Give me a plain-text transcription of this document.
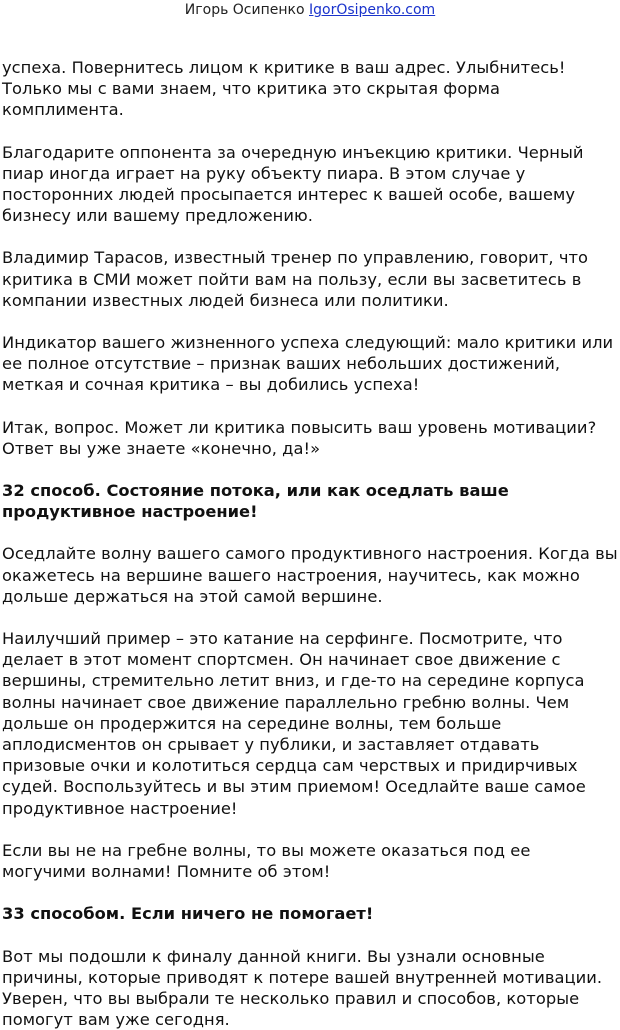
Игорь Осипенко IgorOsipenko.com

успеха. Повернитесь лицом к критике в ваш адрес. Улыбнитесь! Только мы с вами знаем, что критика это скрытая форма комплимента.

Благодарите оппонента за очередную инъекцию критики. Черный пиар иногда играет на руку объекту пиара. В этом случае у посторонних людей просыпается интерес к вашей особе, вашему бизнесу или вашему предложению.

Владимир Тарасов, известный тренер по управлению, говорит, что критика в СМИ может пойти вам на пользу, если вы засветитесь в компании известных людей бизнеса или политики.

Индикатор вашего жизненного успеха следующий: мало критики или ее полное отсутствие – признак ваших небольших достижений, меткая и сочная критика – вы добились успеха!

Итак, вопрос. Может ли критика повысить ваш уровень мотивации? Ответ вы уже знаете «конечно, да!»

32 способ. Состояние потока, или как оседлать ваше продуктивное настроение!

Оседлайте волну вашего самого продуктивного настроения. Когда вы окажетесь на вершине вашего настроения, научитесь, как можно дольше держаться на этой самой вершине.

Наилучший пример – это катание на серфинге. Посмотрите, что делает в этот момент спортсмен. Он начинает свое движение с вершины, стремительно летит вниз, и где-то на середине корпуса волны начинает свое движение параллельно гребню волны. Чем дольше он продержится на середине волны, тем больше аплодисментов он срывает у публики, и заставляет отдавать призовые очки и колотиться сердца сам черствых и придирчивых судей. Воспользуйтесь и вы этим приемом! Оседлайте ваше самое продуктивное настроение!

Если вы не на гребне волны, то вы можете оказаться под ее могучими волнами! Помните об этом!

33 способом. Если ничего не помогает!

Вот мы подошли к финалу данной книги. Вы узнали основные причины, которые приводят к потере вашей внутренней мотивации. Уверен, что вы выбрали те несколько правил и способов, которые помогут вам уже сегодня.
